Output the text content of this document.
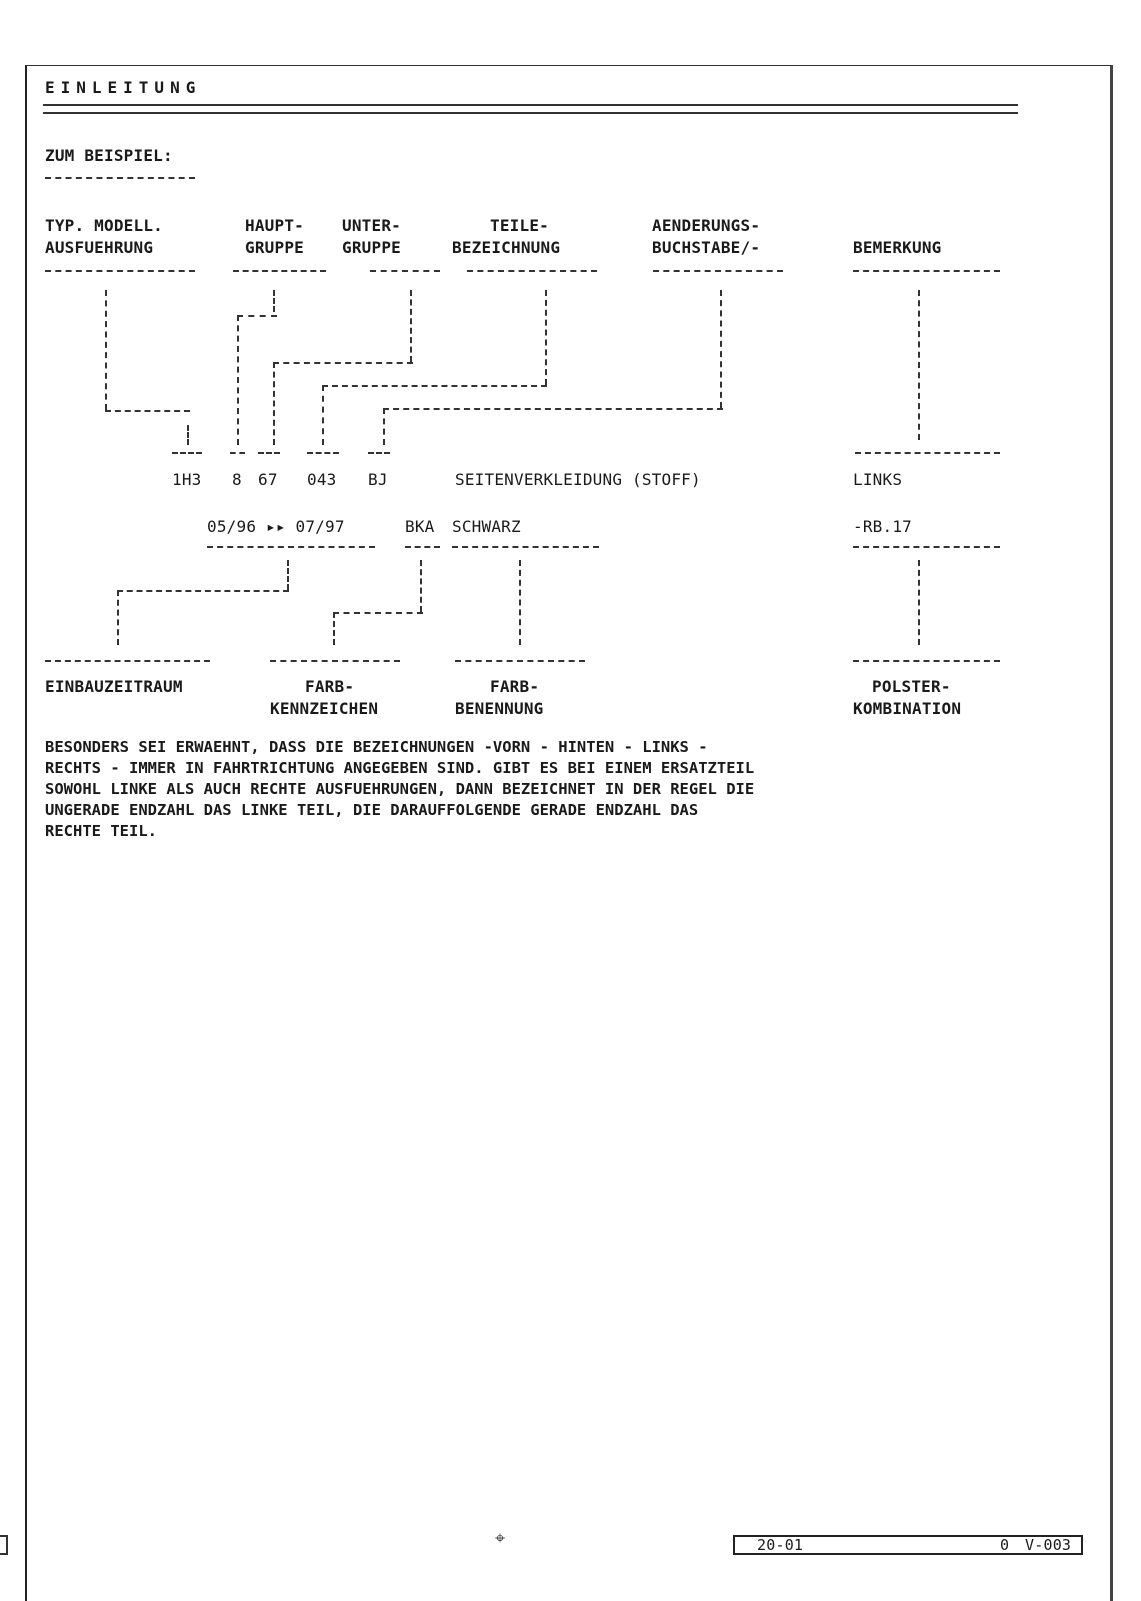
EINLEITUNG
ZUM BEISPIEL:
TYP. MODELL.
AUSFUEHRUNG
HAUPT-
GRUPPE
UNTER-
GRUPPE
TEILE-
BEZEICHNUNG
AENDERUNGS-
BUCHSTABE/-	BEMERKUNG
1H3 8 67 043 BJ	SEITENVERKLEIDUNG (STOFF)	LINKS
05/96 ▸▸ 07/97	BKA SCHWARZ	-RB.17
EINBAUZEITRAUM	FARB-
KENNZEICHEN
FARB-
BENENNUNG
POLSTER-
KOMBINATION
BESONDERS SEI ERWAEHNT, DASS DIE BEZEICHNUNGEN -VORN - HINTEN - LINKS -
RECHTS - IMMER IN FAHRTRICHTUNG ANGEGEBEN SIND. GIBT ES BEI EINEM ERSATZTEIL
SOWOHL LINKE ALS AUCH RECHTE AUSFUEHRUNGEN, DANN BEZEICHNET IN DER REGEL DIE
UNGERADE ENDZAHL DAS LINKE TEIL, DIE DARAUFFOLGENDE GERADE ENDZAHL DAS
RECHTE TEIL.
⌖	20-01	0 V-003
